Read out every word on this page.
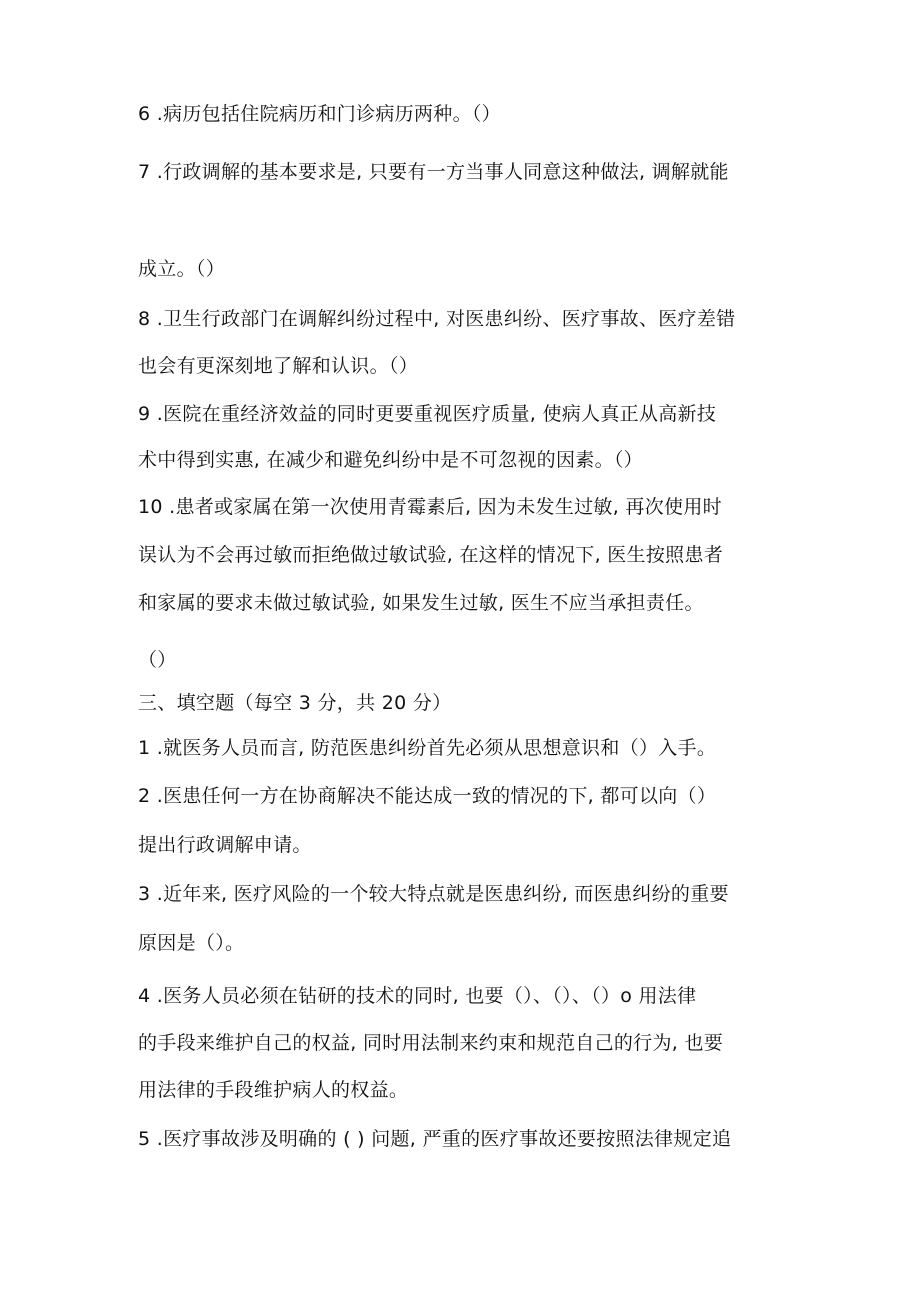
6 .病历包括住院病历和门诊病历两种。（）
7 .行政调解的基本要求是, 只要有一方当事人同意这种做法, 调解就能
成立。（）
8 .卫生行政部门在调解纠纷过程中, 对医患纠纷、医疗事故、医疗差错
也会有更深刻地了解和认识。（）
9 .医院在重经济效益的同时更要重视医疗质量, 使病人真正从高新技
术中得到实惠, 在减少和避免纠纷中是不可忽视的因素。（）
10 .患者或家属在第一次使用青霉素后, 因为未发生过敏, 再次使用时
误认为不会再过敏而拒绝做过敏试验, 在这样的情况下, 医生按照患者
和家属的要求未做过敏试验, 如果发生过敏, 医生不应当承担责任。
（）
三、填空题（每空 3 分，共 20 分）
1 .就医务人员而言, 防范医患纠纷首先必须从思想意识和（）入手。
2 .医患任何一方在协商解决不能达成一致的情况的下, 都可以向（）
提出行政调解申请。
3 .近年来, 医疗风险的一个较大特点就是医患纠纷, 而医患纠纷的重要
原因是（）。
4 .医务人员必须在钻研的技术的同时, 也要（）、（）、（）o 用法律
的手段来维护自己的权益, 同时用法制来约束和规范自己的行为, 也要
用法律的手段维护病人的权益。
5 .医疗事故涉及明确的 ( ) 问题, 严重的医疗事故还要按照法律规定追
